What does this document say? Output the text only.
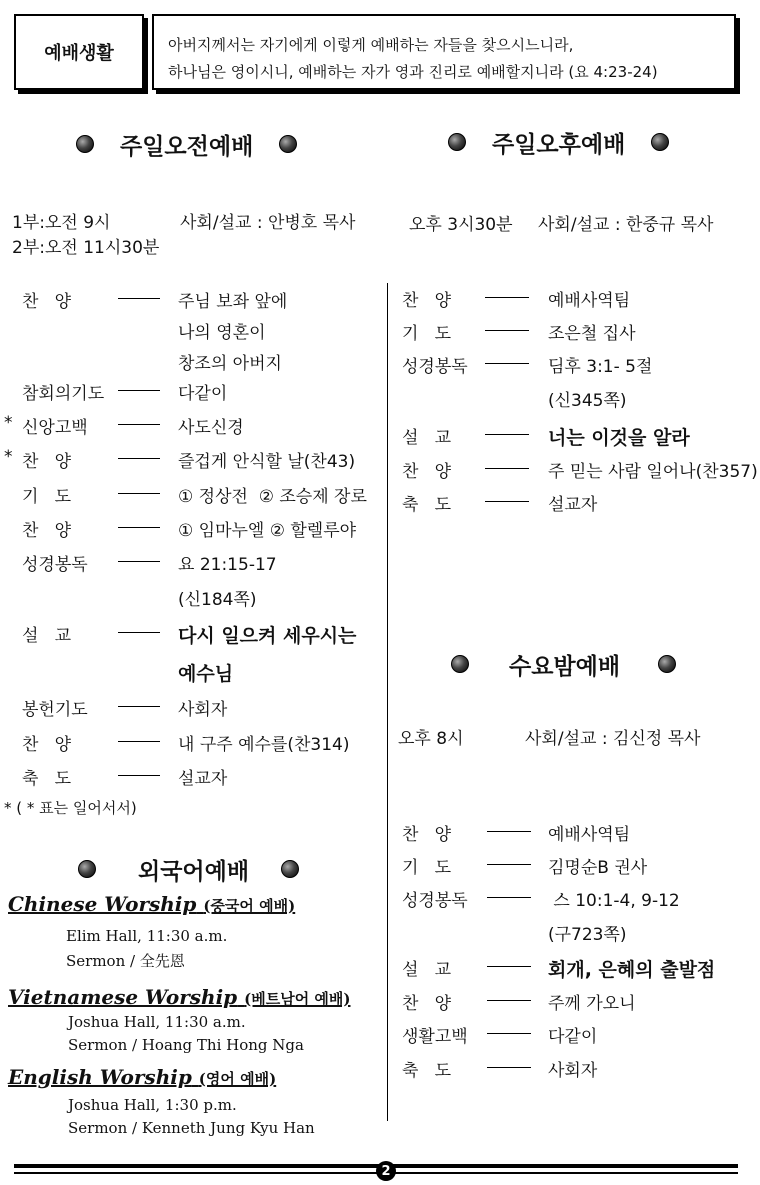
예배생활	아버지께서는 자기에게 이렇게 예배하는 자들을 찾으시느니라,
하나님은 영이시니, 예배하는 자가 영과 진리로 예배할지니라 (요 4:23-24)
주일오전예배	주일오후예배
1부:오전 9시
2부:오전 11시30분
사회/설교 : 안병호 목사	오후 3시30분 사회/설교 : 한중규 목사
찬   양	주님 보좌 앞에
나의 영혼이
창조의 아버지
참회의기도	다같이
* 신앙고백	사도신경
* 찬   양	즐겁게 안식할 날(찬43)
기   도	① 정상전  ② 조승제 장로
찬   양	① 임마누엘 ② 할렐루야
성경봉독	요 21:15-17
(신184쪽)
설   교	다시 일으켜 세우시는
예수님
봉헌기도	사회자
찬   양	내 구주 예수를(찬314)
축   도	설교자
* ( * 표는 일어서서)
찬   양	예배사역팀
기   도	조은철 집사
성경봉독	딤후 3:1- 5절
(신345쪽)
설   교	너는 이것을 알라
찬   양	주 믿는 사람 일어나(찬357)
축   도	설교자
수요밤예배
오후 8시	사회/설교 : 김신정 목사
찬   양	예배사역팀
기   도	김명순B 권사
성경봉독	스 10:1-4, 9-12
(구723쪽)
설   교	회개, 은혜의 출발점
찬   양	주께 가오니
생활고백	다같이
축   도	사회자
외국어예배
Chinese Worship (중국어 예배)
Elim Hall, 11:30 a.m.
Sermon / 全先恩
Vietnamese Worship (베트남어 예배)
Joshua Hall, 11:30 a.m.
Sermon / Hoang Thi Hong Nga
English Worship (영어 예배)
Joshua Hall, 1:30 p.m.
Sermon / Kenneth Jung Kyu Han
2
